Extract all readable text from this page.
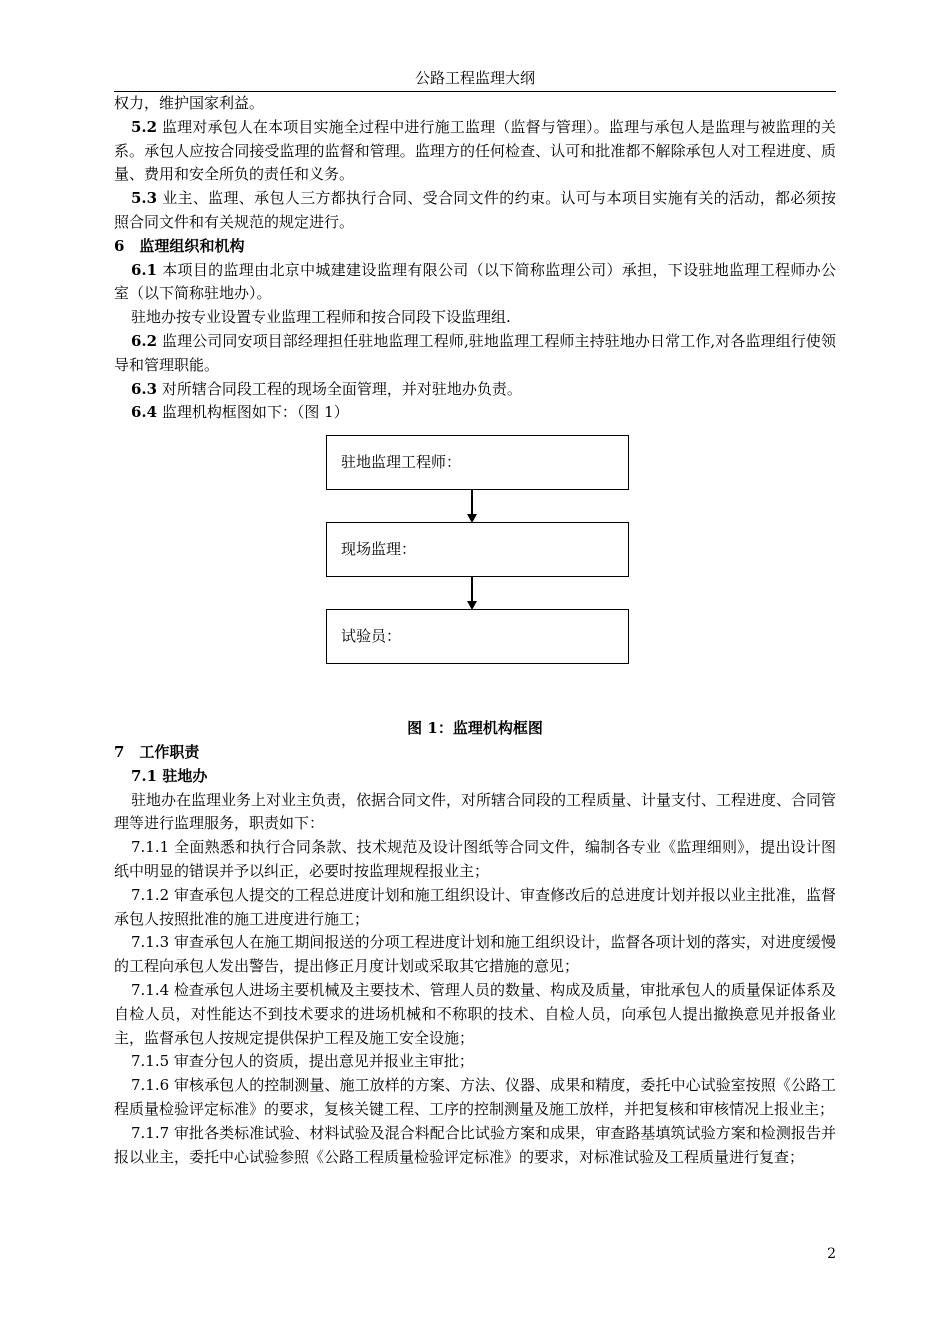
公路工程监理大纲

权力，维护国家利益。

5.2 监理对承包人在本项目实施全过程中进行施工监理（监督与管理）。监理与承包人是监理与被监理的关系。承包人应按合同接受监理的监督和管理。监理方的任何检查、认可和批准都不解除承包人对工程进度、质量、费用和安全所负的责任和义务。

5.3 业主、监理、承包人三方都执行合同、受合同文件的约束。认可与本项目实施有关的活动，都必须按照合同文件和有关规范的规定进行。

6　监理组织和机构

6.1 本项目的监理由北京中城建建设监理有限公司（以下简称监理公司）承担，下设驻地监理工程师办公室（以下简称驻地办）。

驻地办按专业设置专业监理工程师和按合同段下设监理组.

6.2 监理公司同安项目部经理担任驻地监理工程师,驻地监理工程师主持驻地办日常工作,对各监理组行使领导和管理职能。

6.3 对所辖合同段工程的现场全面管理，并对驻地办负责。

6.4 监理机构框图如下：（图 1）

驻地监理工程师：
现场监理：
试验员：

图 1：监理机构框图

7　工作职责

7.1 驻地办

驻地办在监理业务上对业主负责，依据合同文件，对所辖合同段的工程质量、计量支付、工程进度、合同管理等进行监理服务，职责如下：

7.1.1 全面熟悉和执行合同条款、技术规范及设计图纸等合同文件，编制各专业《监理细则》，提出设计图纸中明显的错误并予以纠正，必要时按监理规程报业主；

7.1.2 审查承包人提交的工程总进度计划和施工组织设计、审查修改后的总进度计划并报以业主批准，监督承包人按照批准的施工进度进行施工；

7.1.3 审查承包人在施工期间报送的分项工程进度计划和施工组织设计，监督各项计划的落实，对进度缓慢的工程向承包人发出警告，提出修正月度计划或采取其它措施的意见；

7.1.4 检查承包人进场主要机械及主要技术、管理人员的数量、构成及质量，审批承包人的质量保证体系及自检人员，对性能达不到技术要求的进场机械和不称职的技术、自检人员，向承包人提出撤换意见并报备业主，监督承包人按规定提供保护工程及施工安全设施；

7.1.5 审查分包人的资质，提出意见并报业主审批；

7.1.6 审核承包人的控制测量、施工放样的方案、方法、仪器、成果和精度，委托中心试验室按照《公路工程质量检验评定标准》的要求，复核关键工程、工序的控制测量及施工放样，并把复核和审核情况上报业主；

7.1.7 审批各类标准试验、材料试验及混合料配合比试验方案和成果，审查路基填筑试验方案和检测报告并报以业主，委托中心试验参照《公路工程质量检验评定标准》的要求，对标准试验及工程质量进行复查；

2
